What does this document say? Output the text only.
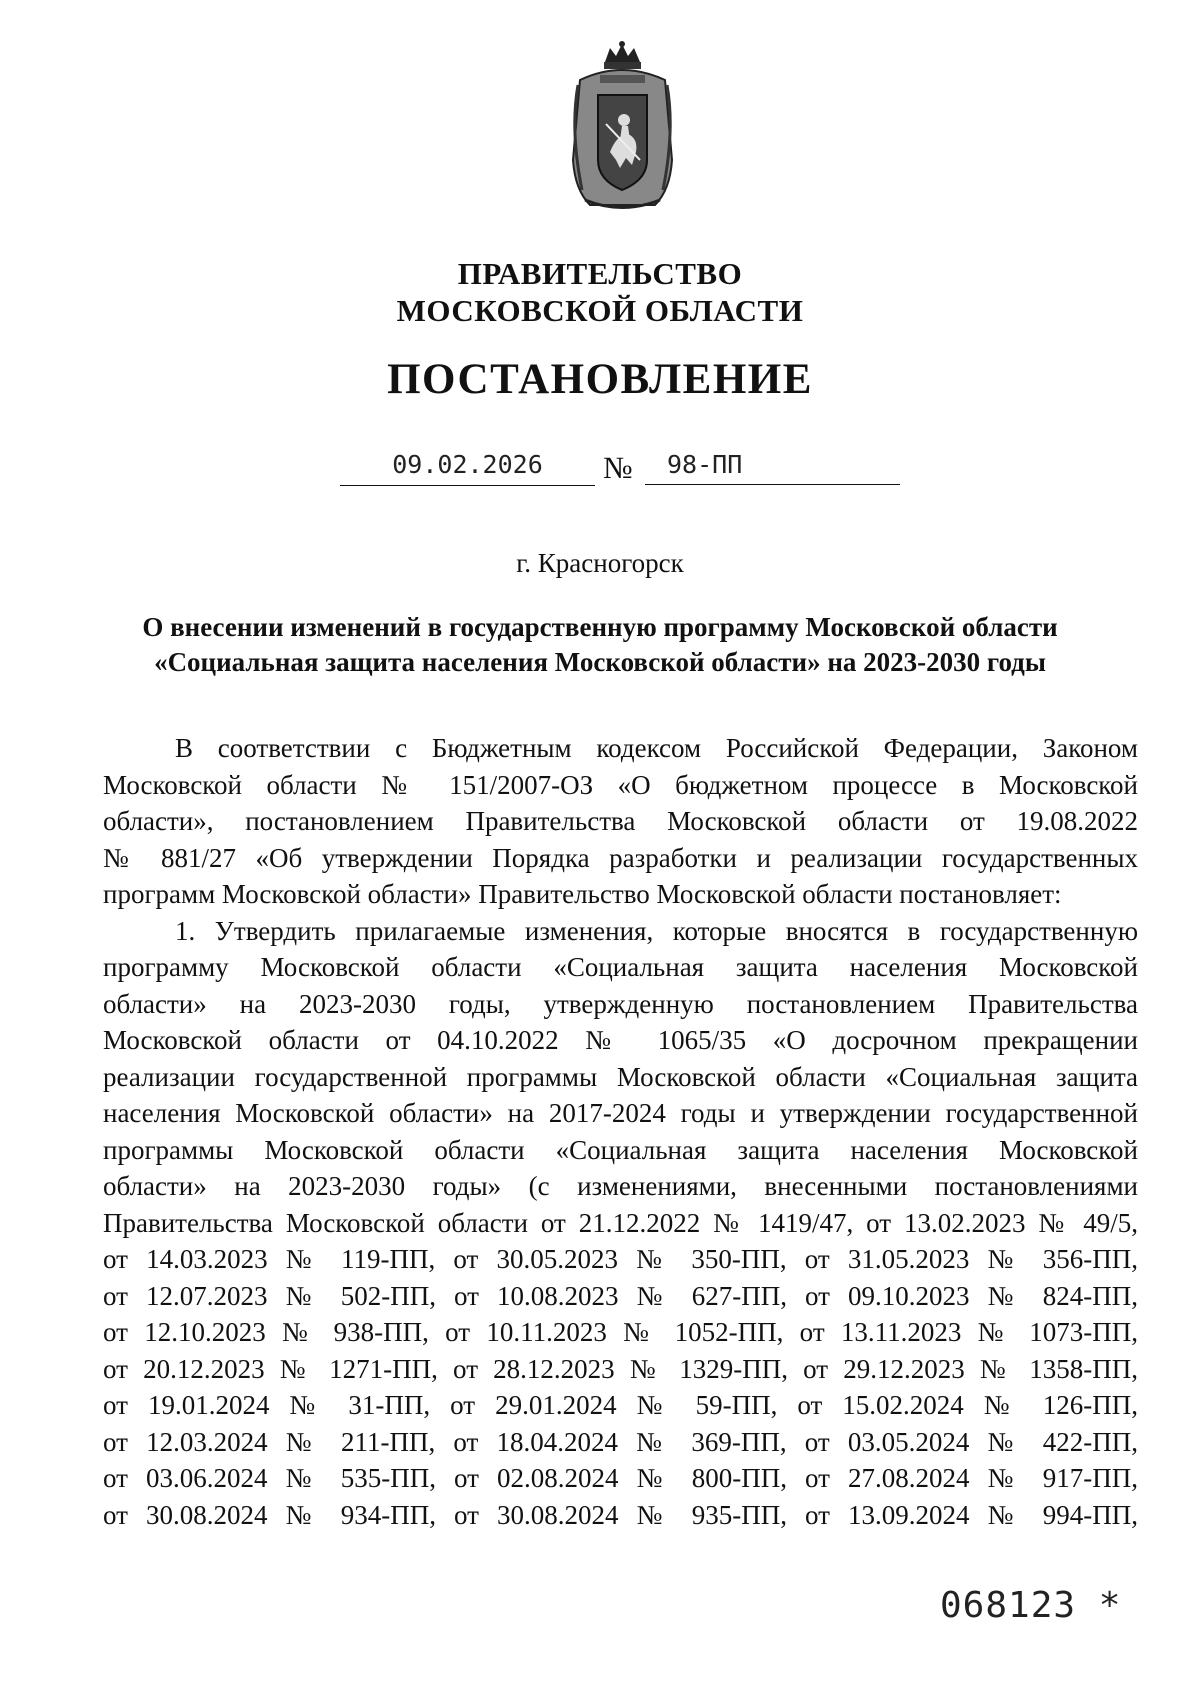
ПРАВИТЕЛЬСТВО
МОСКОВСКОЙ ОБЛАСТИ
ПОСТАНОВЛЕНИЕ
09.02.2026	№ 98-ПП
г. Красногорск
О внесении изменений в государственную программу Московской области
«Социальная защита населения Московской области» на 2023-2030 годы
В соответствии с Бюджетным кодексом Российской Федерации, Законом
Московской области № 151/2007-ОЗ «О бюджетном процессе в Московской
области», постановлением Правительства Московской области от 19.08.2022
№ 881/27 «Об утверждении Порядка разработки и реализации государственных
программ Московской области» Правительство Московской области постановляет:
1. Утвердить прилагаемые изменения, которые вносятся в государственную
программу Московской области «Социальная защита населения Московской
области» на 2023-2030 годы, утвержденную постановлением Правительства
Московской области от 04.10.2022 № 1065/35 «О досрочном прекращении
реализации государственной программы Московской области «Социальная защита
населения Московской области» на 2017-2024 годы и утверждении государственной
программы Московской области «Социальная защита населения Московской
области» на 2023-2030 годы» (с изменениями, внесенными постановлениями
Правительства Московской области от 21.12.2022 № 1419/47, от 13.02.2023 № 49/5,
от 14.03.2023 № 119-ПП, от 30.05.2023 № 350-ПП, от 31.05.2023 № 356-ПП,
от 12.07.2023 № 502-ПП, от 10.08.2023 № 627-ПП, от 09.10.2023 № 824-ПП,
от 12.10.2023 № 938-ПП, от 10.11.2023 № 1052-ПП, от 13.11.2023 № 1073-ПП,
от 20.12.2023 № 1271-ПП, от 28.12.2023 № 1329-ПП, от 29.12.2023 № 1358-ПП,
от 19.01.2024 № 31-ПП, от 29.01.2024 № 59-ПП, от 15.02.2024 № 126-ПП,
от 12.03.2024 № 211-ПП, от 18.04.2024 № 369-ПП, от 03.05.2024 № 422-ПП,
от 03.06.2024 № 535-ПП, от 02.08.2024 № 800-ПП, от 27.08.2024 № 917-ПП,
от 30.08.2024 № 934-ПП, от 30.08.2024 № 935-ПП, от 13.09.2024 № 994-ПП,
068123 *
